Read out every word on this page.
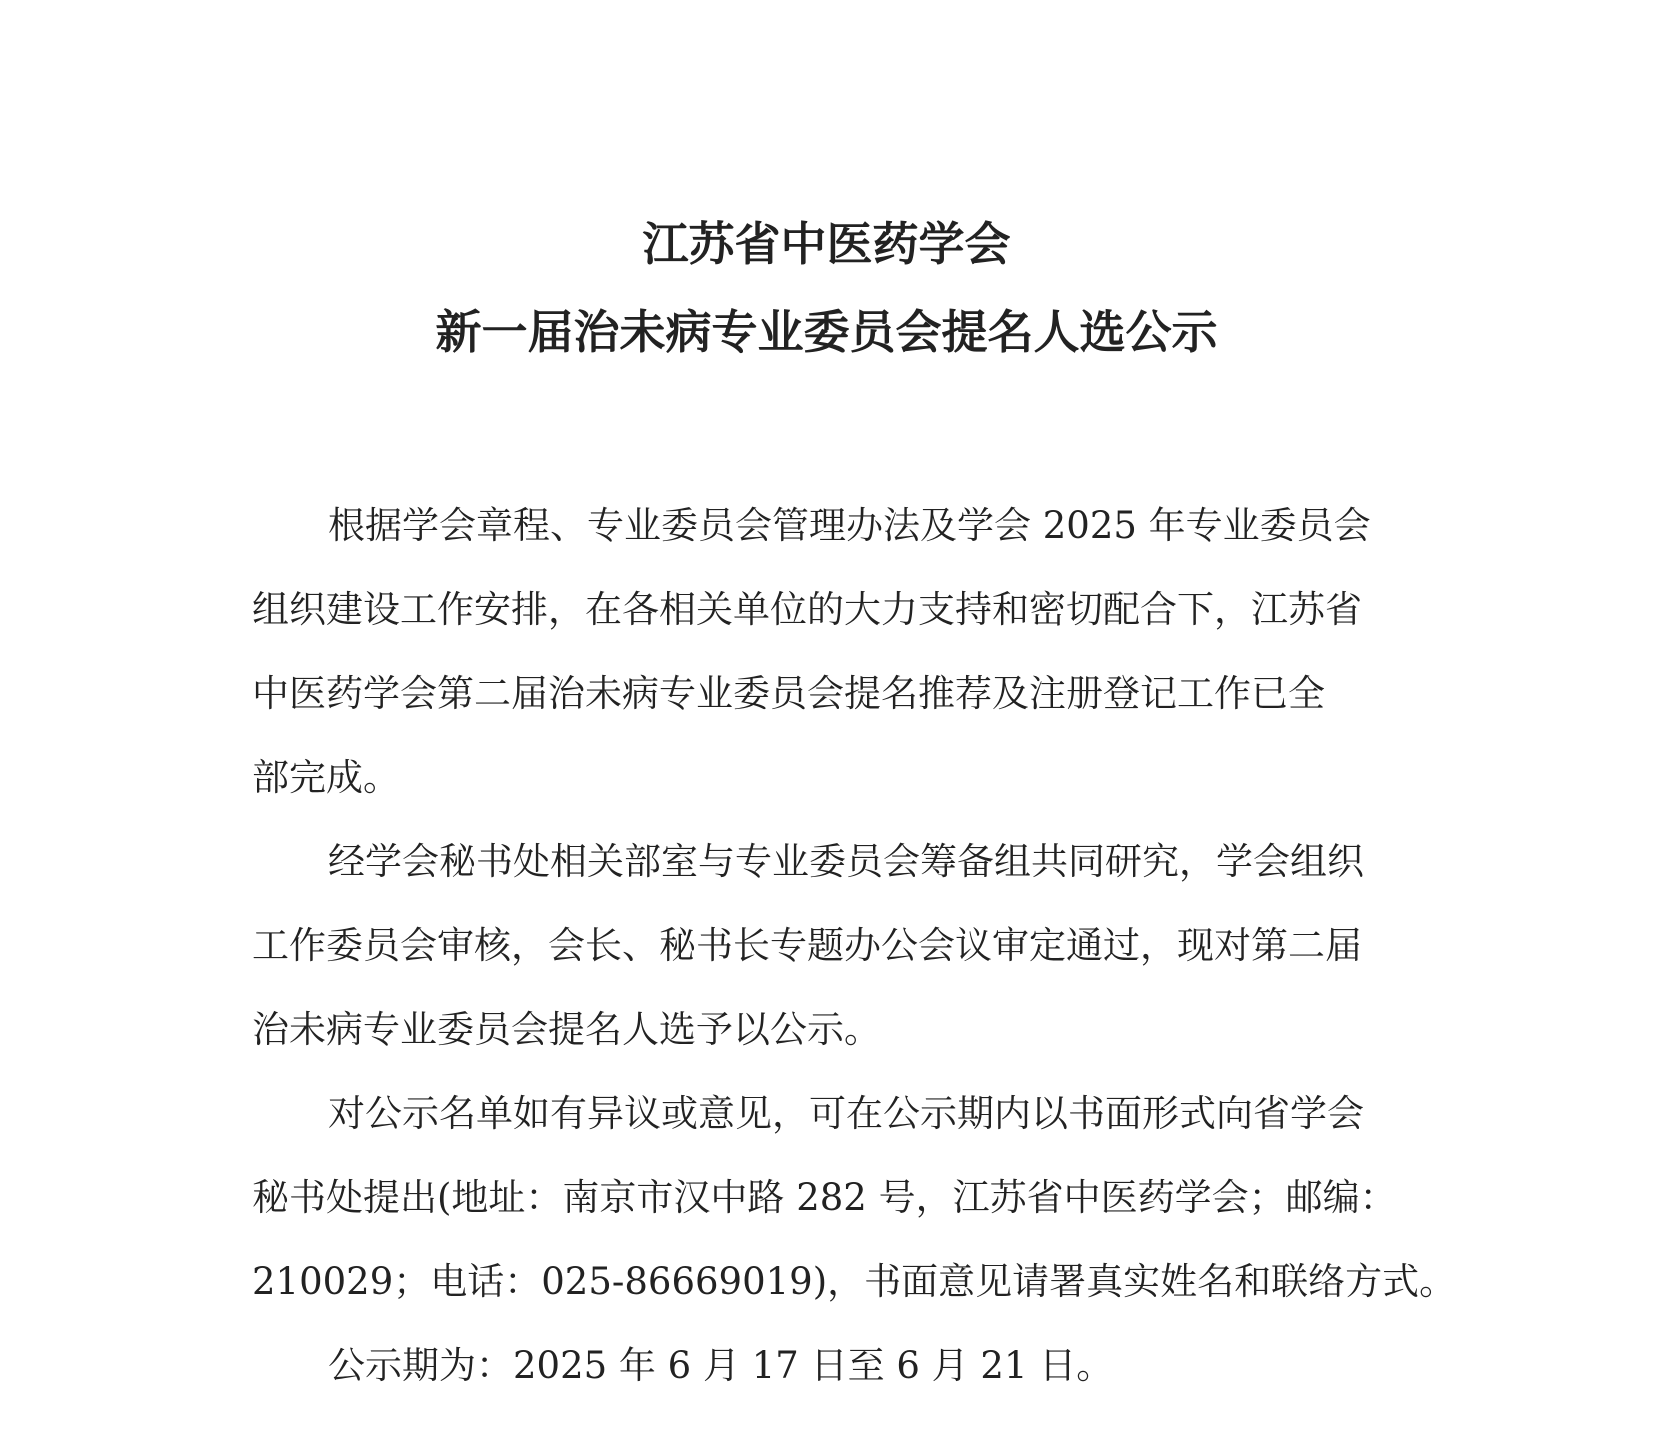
江苏省中医药学会
新一届治未病专业委员会提名人选公示
根据学会章程、专业委员会管理办法及学会 2025 年专业委员会
组织建设工作安排，在各相关单位的大力支持和密切配合下，江苏省
中医药学会第二届治未病专业委员会提名推荐及注册登记工作已全
部完成。
经学会秘书处相关部室与专业委员会筹备组共同研究，学会组织
工作委员会审核，会长、秘书长专题办公会议审定通过，现对第二届
治未病专业委员会提名人选予以公示。
对公示名单如有异议或意见，可在公示期内以书面形式向省学会
秘书处提出(地址：南京市汉中路 282 号，江苏省中医药学会；邮编：
210029；电话：025-86669019)，书面意见请署真实姓名和联络方式。
公示期为：2025 年 6 月 17 日至 6 月 21 日。
